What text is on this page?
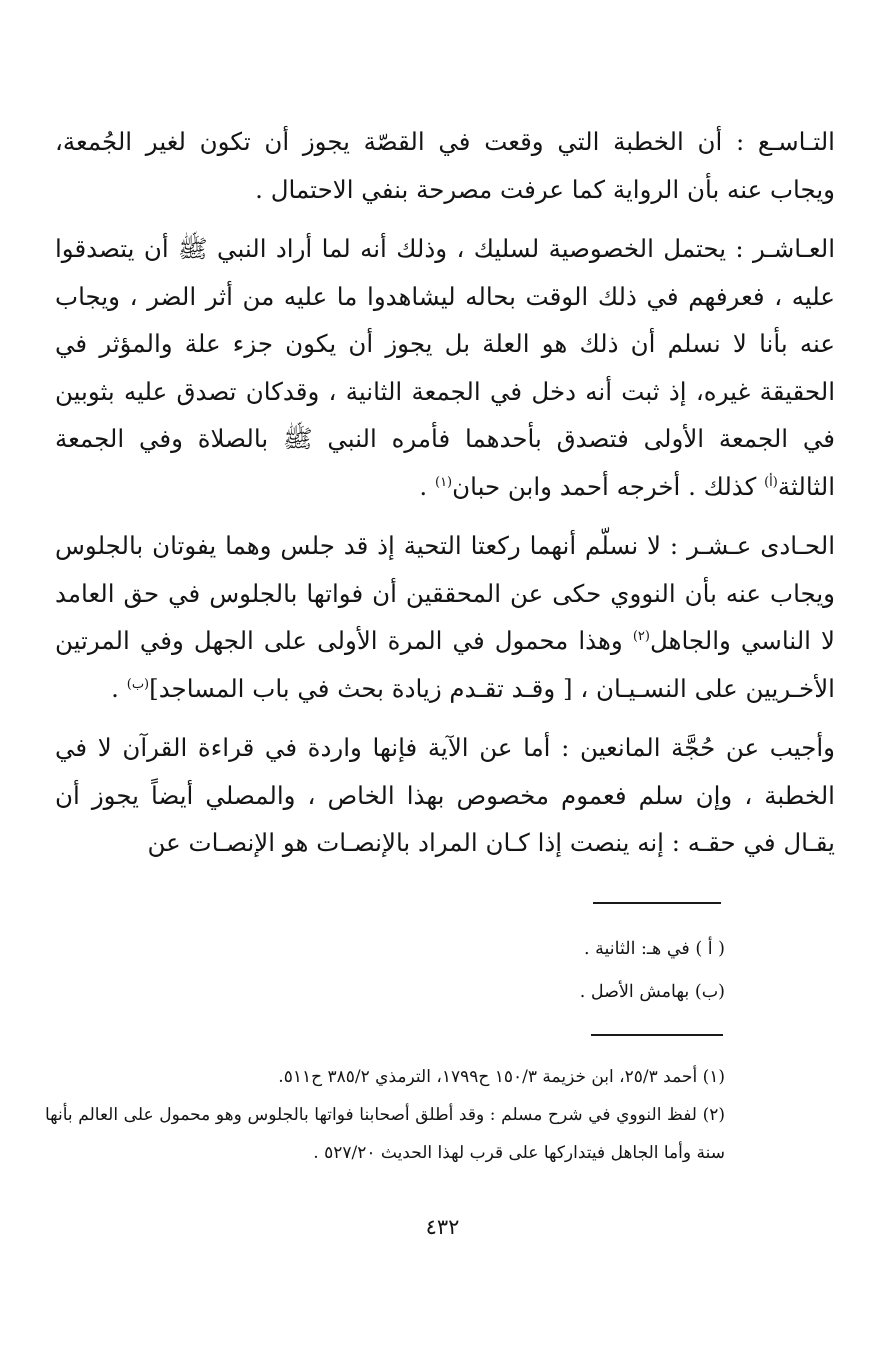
التـاسـع : أن الخطبة التي وقعت في القصّة يجوز أن تكون لغير الجُمعة، ويجاب عنه بأن الرواية كما عرفت مصرحة بنفي الاحتمال .

العـاشـر : يحتمل الخصوصية لسليك ، وذلك أنه لما أراد النبي ﷺ أن يتصدقوا عليه ، فعرفهم في ذلك الوقت بحاله ليشاهدوا ما عليه من أثر الضر ، ويجاب عنه بأنا لا نسلم أن ذلك هو العلة بل يجوز أن يكون جزء علة والمؤثر في الحقيقة غيره، إذ ثبت أنه دخل في الجمعة الثانية ، وقدكان تصدق عليه بثوبين في الجمعة الأولى فتصدق بأحدهما فأمره النبي ﷺ بالصلاة وفي الجمعة الثالثة$^{(أ)}$ كذلك . أخرجه أحمد وابن حبان$^{(١)}$ .

الحـادى عـشـر : لا نسلّم أنهما ركعتا التحية إذ قد جلس وهما يفوتان بالجلوس ويجاب عنه بأن النووي حكى عن المحققين أن فواتها بالجلوس في حق العامد لا الناسي والجاهل$^{(٢)}$ وهذا محمول في المرة الأولى على الجهل وفي المرتين الأخـريين على النسـيـان ، [ وقـد تقـدم زيادة بحث في باب المساجد]$^{(ب)}$ .

وأجيب عن حُجَّة المانعين : أما عن الآية فإنها واردة في قراءة القرآن لا في الخطبة ، وإن سلم فعموم مخصوص بهذا الخاص ، والمصلي أيضاً يجوز أن يقـال في حقـه : إنه ينصت إذا كـان المراد بالإنصـات هو الإنصـات عن

( أ ) في هـ: الثانية .

(ب) بهامش الأصل .

(١) أحمد ٢٥/٣، ابن خزيمة ١٥٠/٣ ح١٧٩٩، الترمذي ٣٨٥/٢ ح٥١١.

(٢) لفظ النووي في شرح مسلم : وقد أطلق أصحابنا فواتها بالجلوس وهو محمول على العالم بأنها سنة وأما الجاهل فيتداركها على قرب لهذا الحديث ٥٢٧/٢٠ .

٤٣٢
